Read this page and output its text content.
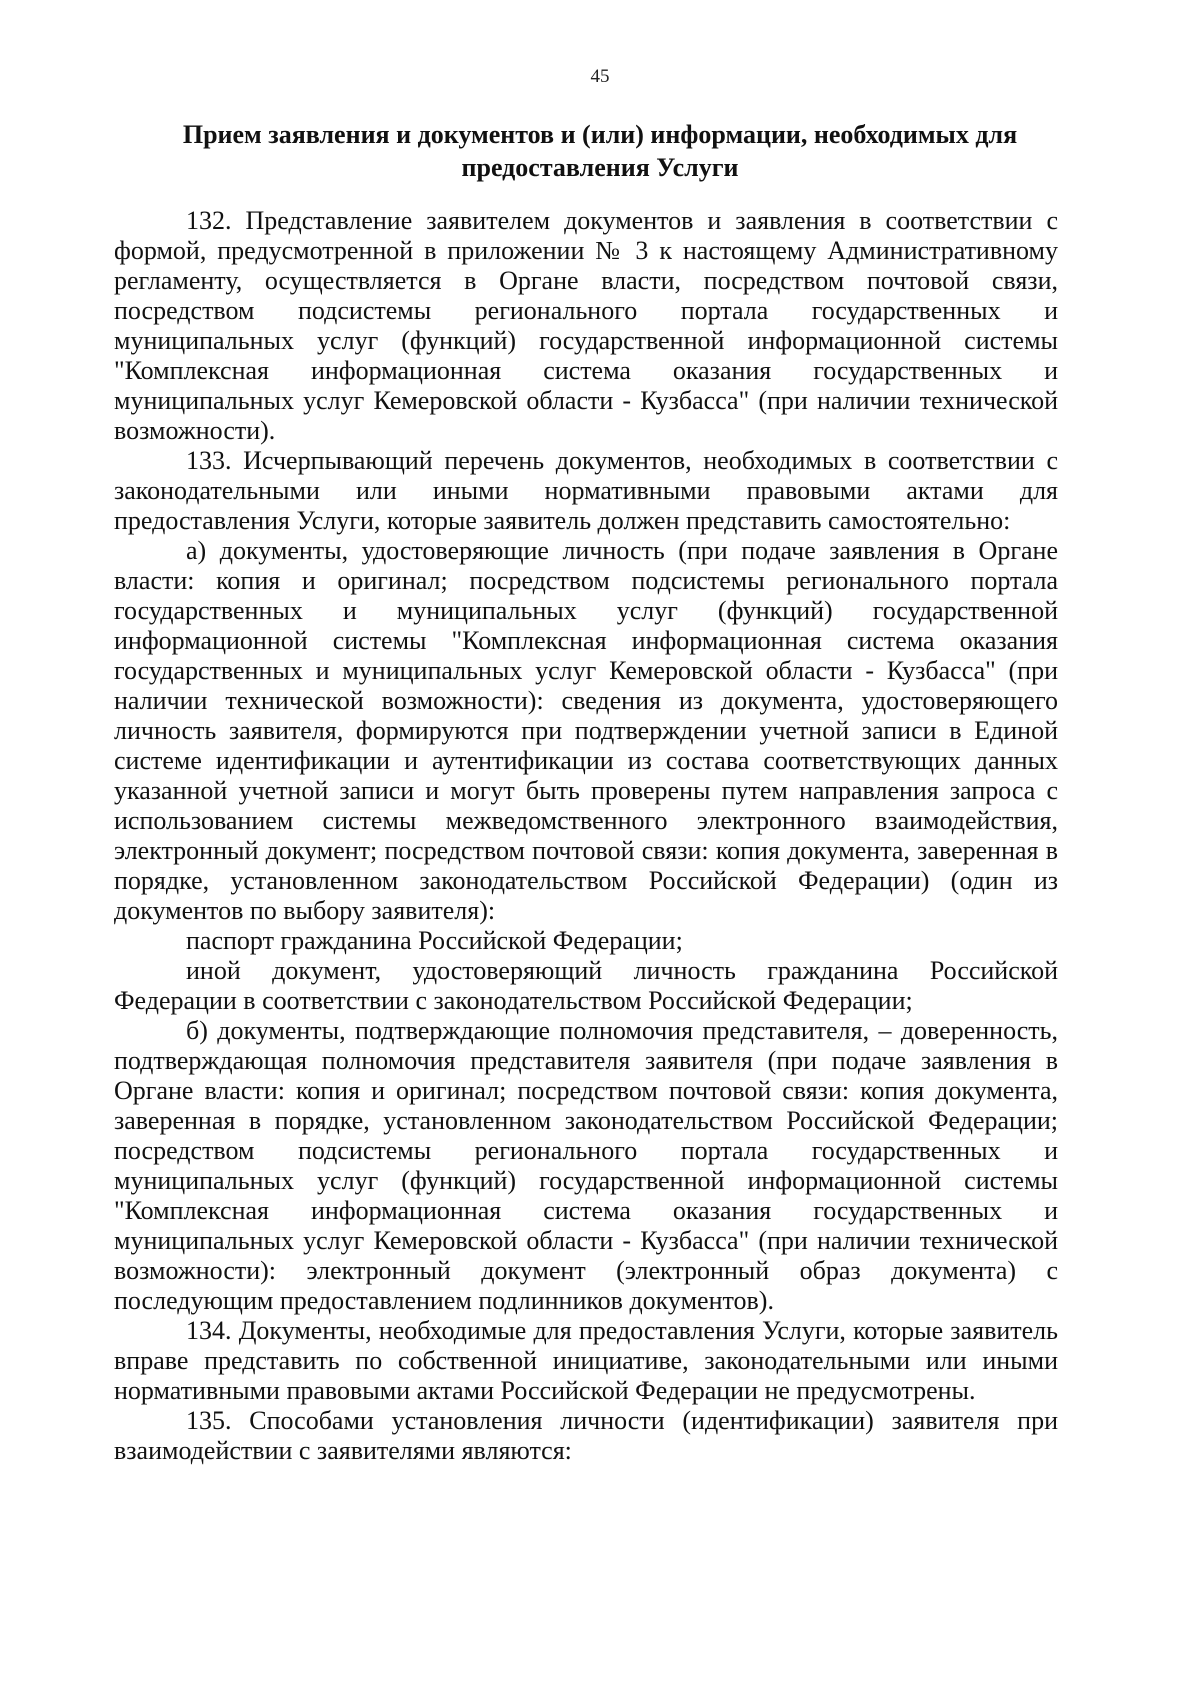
45
Прием заявления и документов и (или) информации, необходимых для предоставления Услуги

132. Представление заявителем документов и заявления в соответствии с формой, предусмотренной в приложении № 3 к настоящему Административному регламенту, осуществляется в Органе власти, посредством почтовой связи, посредством подсистемы регионального портала государственных и муниципальных услуг (функций) государственной информационной системы "Комплексная информационная система оказания государственных и муниципальных услуг Кемеровской области - Кузбасса" (при наличии технической возможности).

133. Исчерпывающий перечень документов, необходимых в соответствии с законодательными или иными нормативными правовыми актами для предоставления Услуги, которые заявитель должен представить самостоятельно:

а) документы, удостоверяющие личность (при подаче заявления в Органе власти: копия и оригинал; посредством подсистемы регионального портала государственных и муниципальных услуг (функций) государственной информационной системы "Комплексная информационная система оказания государственных и муниципальных услуг Кемеровской области - Кузбасса" (при наличии технической возможности): сведения из документа, удостоверяющего личность заявителя, формируются при подтверждении учетной записи в Единой системе идентификации и аутентификации из состава соответствующих данных указанной учетной записи и могут быть проверены путем направления запроса с использованием системы межведомственного электронного взаимодействия, электронный документ; посредством почтовой связи: копия документа, заверенная в порядке, установленном законодательством Российской Федерации) (один из документов по выбору заявителя):

паспорт гражданина Российской Федерации;

иной документ, удостоверяющий личность гражданина Российской Федерации в соответствии с законодательством Российской Федерации;

б) документы, подтверждающие полномочия представителя, – доверенность, подтверждающая полномочия представителя заявителя (при подаче заявления в Органе власти: копия и оригинал; посредством почтовой связи: копия документа, заверенная в порядке, установленном законодательством Российской Федерации; посредством подсистемы регионального портала государственных и муниципальных услуг (функций) государственной информационной системы "Комплексная информационная система оказания государственных и муниципальных услуг Кемеровской области - Кузбасса" (при наличии технической возможности): электронный документ (электронный образ документа) с последующим предоставлением подлинников документов).

134. Документы, необходимые для предоставления Услуги, которые заявитель вправе представить по собственной инициативе, законодательными или иными нормативными правовыми актами Российской Федерации не предусмотрены.

135. Способами установления личности (идентификации) заявителя при взаимодействии с заявителями являются:
